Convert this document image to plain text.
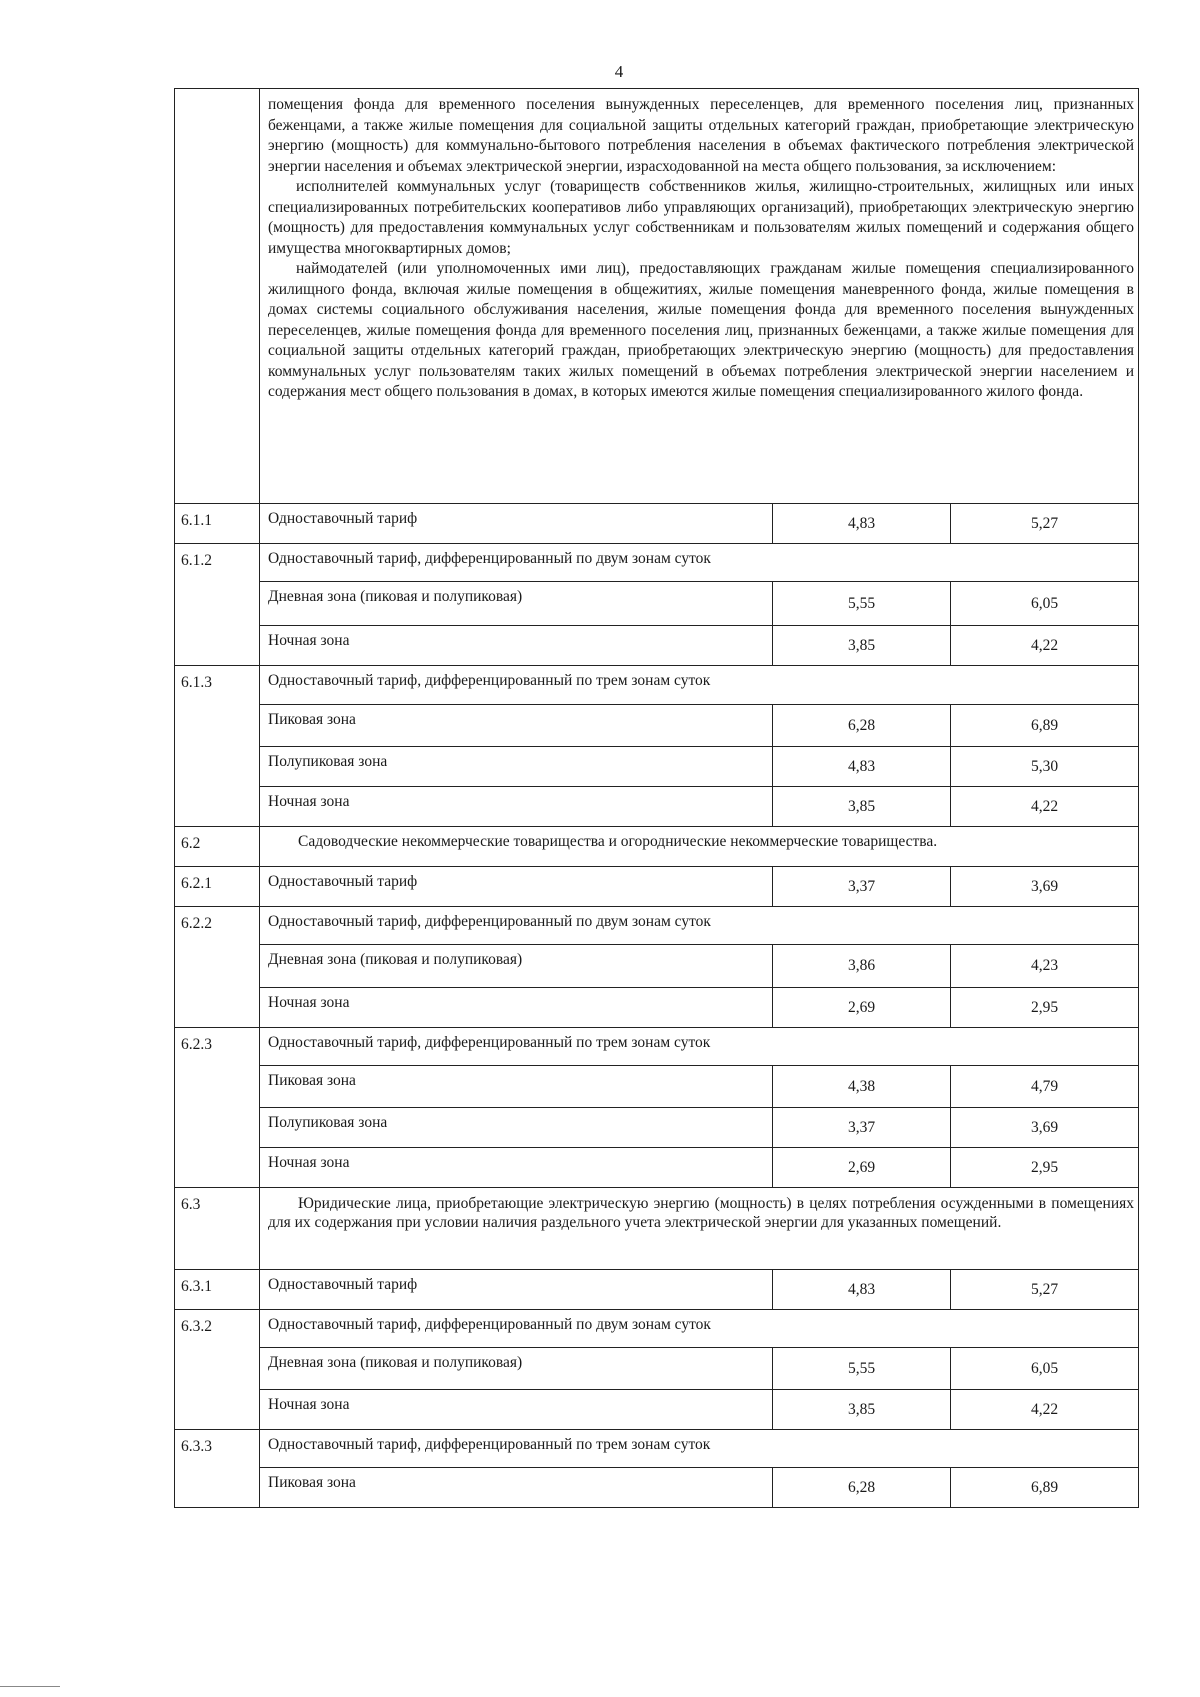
4

	помещения фонда для временного поселения вынужденных переселенцев, для временного поселения лиц, признанных беженцами, а также жилые помещения для социальной защиты отдельных категорий граждан, приобретающие электрическую энергию (мощность) для коммунально-бытового потребления населения в объемах фактического потребления электрической энергии населения и объемах электрической энергии, израсходованной на места общего пользования, за исключением:

исполнителей коммунальных услуг (товариществ собственников жилья, жилищно-строительных, жилищных или иных специализированных потребительских кооперативов либо управляющих организаций), приобретающих электрическую энергию (мощность) для предоставления коммунальных услуг собственникам и пользователям жилых помещений и содержания общего имущества многоквартирных домов;

наймодателей (или уполномоченных ими лиц), предоставляющих гражданам жилые помещения специализированного жилищного фонда, включая жилые помещения в общежитиях, жилые помещения маневренного фонда, жилые помещения в домах системы социального обслуживания населения, жилые помещения фонда для временного поселения вынужденных переселенцев, жилые помещения фонда для временного поселения лиц, признанных беженцами, а также жилые помещения для социальной защиты отдельных категорий граждан, приобретающих электрическую энергию (мощность) для предоставления коммунальных услуг пользователям таких жилых помещений в объемах потребления электрической энергии населением и содержания мест общего пользования в домах, в которых имеются жилые помещения специализированного жилого фонда.		

6.1.1	Одноставочный тариф	4,83	5,27
6.1.2	Одноставочный тариф, дифференцированный по двум зонам суток		
	Дневная зона (пиковая и полупиковая)	5,55	6,05
	Ночная зона	3,85	4,22
6.1.3	Одноставочный тариф, дифференцированный по трем зонам суток		
	Пиковая зона	6,28	6,89
	Полупиковая зона	4,83	5,30
	Ночная зона	3,85	4,22
6.2	Садоводческие некоммерческие товарищества и огороднические некоммерческие товарищества.		
6.2.1	Одноставочный тариф	3,37	3,69
6.2.2	Одноставочный тариф, дифференцированный по двум зонам суток		
	Дневная зона (пиковая и полупиковая)	3,86	4,23
	Ночная зона	2,69	2,95
6.2.3	Одноставочный тариф, дифференцированный по трем зонам суток		
	Пиковая зона	4,38	4,79
	Полупиковая зона	3,37	3,69
	Ночная зона	2,69	2,95
6.3	Юридические лица, приобретающие электрическую энергию (мощность) в целях потребления осужденными в помещениях для их содержания при условии наличия раздельного учета электрической энергии для указанных помещений.		
6.3.1	Одноставочный тариф	4,83	5,27
6.3.2	Одноставочный тариф, дифференцированный по двум зонам суток		
	Дневная зона (пиковая и полупиковая)	5,55	6,05
	Ночная зона	3,85	4,22
6.3.3	Одноставочный тариф, дифференцированный по трем зонам суток		
	Пиковая зона	6,28	6,89
